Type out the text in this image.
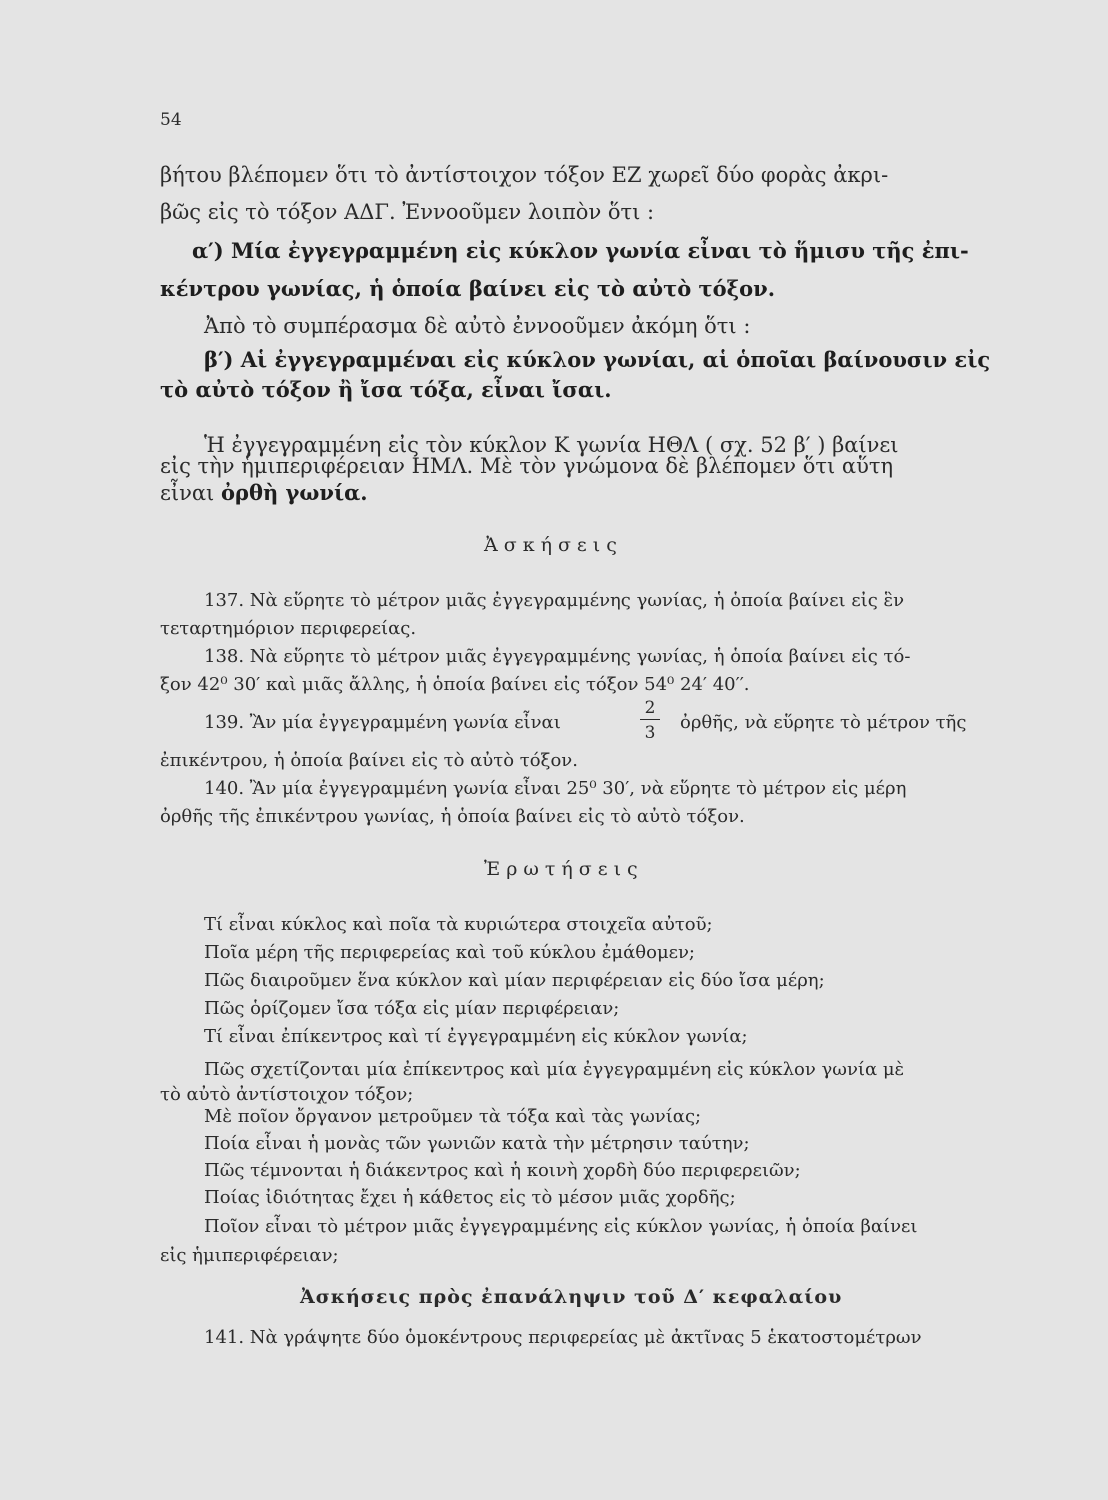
54
βήτου βλέπομεν ὅτι τὸ ἀντίστοιχον τόξον ΕΖ χωρεῖ δύο φορὰς ἀκρι-
βῶς εἰς τὸ τόξον ΑΔΓ. Ἐννοοῦμεν λοιπὸν ὅτι :
α′) Μία ἐγγεγραμμένη εἰς κύκλον γωνία εἶναι τὸ ἥμισυ τῆς ἐπι-
κέντρου γωνίας, ἡ ὁποία βαίνει εἰς τὸ αὐτὸ τόξον.
Ἀπὸ τὸ συμπέρασμα δὲ αὐτὸ ἐννοοῦμεν ἀκόμη ὅτι :
β′) Αἱ ἐγγεγραμμέναι εἰς κύκλον γωνίαι, αἱ ὁποῖαι βαίνουσιν εἰς
τὸ αὐτὸ τόξον ἢ ἴσα τόξα, εἶναι ἴσαι.
Ἡ ἐγγεγραμμένη εἰς τὸν κύκλον Κ γωνία ΗΘΛ ( σχ. 52 β′ ) βαίνει
εἰς τὴν ἡμιπεριφέρειαν ΗΜΛ. Μὲ τὸν γνώμονα δὲ βλέπομεν ὅτι αὕτη
εἶναι ὀρθὴ γωνία.
Ἀσκήσεις
137. Νὰ εὕρητε τὸ μέτρον μιᾶς ἐγγεγραμμένης γωνίας, ἡ ὁποία βαίνει εἰς ἓν
τεταρτημόριον περιφερείας.
138. Νὰ εὕρητε τὸ μέτρον μιᾶς ἐγγεγραμμένης γωνίας, ἡ ὁποία βαίνει εἰς τό-
ξον 42⁰ 30′ καὶ μιᾶς ἄλλης, ἡ ὁποία βαίνει εἰς τόξον 54⁰ 24′ 40′′.
139. Ἂν μία ἐγγεγραμμένη γωνία εἶναι
2
3 ὀρθῆς, νὰ εὕρητε τὸ μέτρον τῆς
ἐπικέντρου, ἡ ὁποία βαίνει εἰς τὸ αὐτὸ τόξον.
140. Ἂν μία ἐγγεγραμμένη γωνία εἶναι 25⁰ 30′, νὰ εὕρητε τὸ μέτρον εἰς μέρη
ὀρθῆς τῆς ἐπικέντρου γωνίας, ἡ ὁποία βαίνει εἰς τὸ αὐτὸ τόξον.
Ἐρωτήσεις
Τί εἶναι κύκλος καὶ ποῖα τὰ κυριώτερα στοιχεῖα αὐτοῦ;
Ποῖα μέρη τῆς περιφερείας καὶ τοῦ κύκλου ἐμάθομεν;
Πῶς διαιροῦμεν ἕνα κύκλον καὶ μίαν περιφέρειαν εἰς δύο ἴσα μέρη;
Πῶς ὁρίζομεν ἴσα τόξα εἰς μίαν περιφέρειαν;
Τί εἶναι ἐπίκεντρος καὶ τί ἐγγεγραμμένη εἰς κύκλον γωνία;
Πῶς σχετίζονται μία ἐπίκεντρος καὶ μία ἐγγεγραμμένη εἰς κύκλον γωνία μὲ
τὸ αὐτὸ ἀντίστοιχον τόξον;
Μὲ ποῖον ὄργανον μετροῦμεν τὰ τόξα καὶ τὰς γωνίας;
Ποία εἶναι ἡ μονὰς τῶν γωνιῶν κατὰ τὴν μέτρησιν ταύτην;
Πῶς τέμνονται ἡ διάκεντρος καὶ ἡ κοινὴ χορδὴ δύο περιφερειῶν;
Ποίας ἰδιότητας ἔχει ἡ κάθετος εἰς τὸ μέσον μιᾶς χορδῆς;
Ποῖον εἶναι τὸ μέτρον μιᾶς ἐγγεγραμμένης εἰς κύκλον γωνίας, ἡ ὁποία βαίνει
εἰς ἡμιπεριφέρειαν;
Ἀσκήσεις πρὸς ἐπανάληψιν τοῦ Δ′ κεφαλαίου
141. Νὰ γράψητε δύο ὁμοκέντρους περιφερείας μὲ ἀκτῖνας 5 ἑκατοστομέτρων
